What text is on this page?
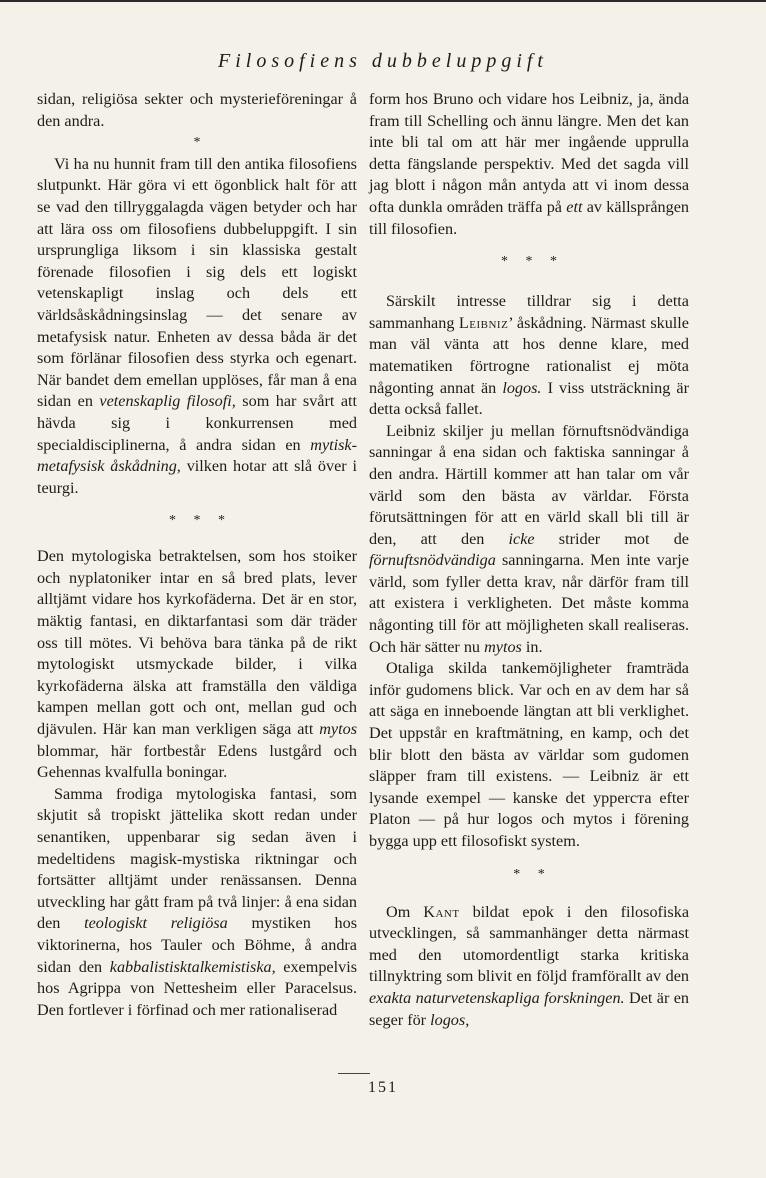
Filosofiens dubbeluppgift

sidan, religiösa sekter och mysterieföreningar å den andra.

*

Vi ha nu hunnit fram till den antika filosofiens slutpunkt. Här göra vi ett ögonblick halt för att se vad den tillryggalagda vägen betyder och har att lära oss om filosofiens dubbeluppgift. I sin ursprungliga liksom i sin klassiska gestalt förenade filosofien i sig dels ett logiskt vetenskapligt inslag och dels ett världsåskådningsinslag — det senare av metafysisk natur. Enheten av dessa båda är det som förlänar filosofien dess styrka och egenart. När bandet dem emellan upplöses, får man å ena sidan en vetenskaplig filosofi, som har svårt att hävda sig i konkurrensen med specialdisciplinerna, å andra sidan en mytisk-metafysisk åskådning, vilken hotar att slå över i teurgi.

*     *     *

Den mytologiska betraktelsen, som hos stoiker och nyplatoniker intar en så bred plats, lever alltjämt vidare hos kyrkofäderna. Det är en stor, mäktig fantasi, en diktarfantasi som där träder oss till mötes. Vi behöva bara tänka på de rikt mytologiskt utsmyckade bilder, i vilka kyrkofäderna älska att framställa den väldiga kampen mellan gott och ont, mellan gud och djävulen. Här kan man verkligen säga att mytos blommar, här fortbestår Edens lustgård och Gehennas kvalfulla boningar.

Samma frodiga mytologiska fantasi, som skjutit så tropiskt jättelika skott redan under senantiken, uppenbarar sig sedan även i medeltidens magisk-mystiska riktningar och fortsätter alltjämt under renässansen. Denna utveckling har gått fram på två linjer: å ena sidan den teologiskt religiösa mystiken hos viktorinerna, hos Tauler och Böhme, å andra sidan den kabbalistisktalkemistiska, exempelvis hos Agrippa von Nettesheim eller Paracelsus. Den fortlever i förfinad och mer rationaliserad

form hos Bruno och vidare hos Leibniz, ja, ända fram till Schelling och ännu längre. Men det kan inte bli tal om att här mer ingående upprulla detta fängslande perspektiv. Med det sagda vill jag blott i någon mån antyda att vi inom dessa ofta dunkla områden träffa på ett av källsprången till filosofien.

*     *     *

Särskilt intresse tilldrar sig i detta sammanhang Leibniz’ åskådning. Närmast skulle man väl vänta att hos denne klare, med matematiken förtrogne rationalist ej möta någonting annat än logos. I viss utsträckning är detta också fallet.

Leibniz skiljer ju mellan förnuftsnödvändiga sanningar å ena sidan och faktiska sanningar å den andra. Härtill kommer att han talar om vår värld som den bästa av världar. Första förutsättningen för att en värld skall bli till är den, att den icke strider mot de förnuftsnödvändiga sanningarna. Men inte varje värld, som fyller detta krav, når därför fram till att existera i verkligheten. Det måste komma någonting till för att möjligheten skall realiseras. Och här sätter nu mytos in.

Otaliga skilda tankemöjligheter framträda inför gudomens blick. Var och en av dem har så att säga en inneboende längtan att bli verklighet. Det uppstår en kraftmätning, en kamp, och det blir blott den bästa av världar som gudomen släpper fram till existens. — Leibniz är ett lysande exempel — kanske det ypperста efter Platon — på hur logos och mytos i förening bygga upp ett filosofiskt system.

*     *

Om Kant bildat epok i den filosofiska utvecklingen, så sammanhänger detta närmast med den utomordentligt starka kritiska tillnyktring som blivit en följd framförallt av den exakta naturvetenskapliga forskningen. Det är en seger för logos,

151
